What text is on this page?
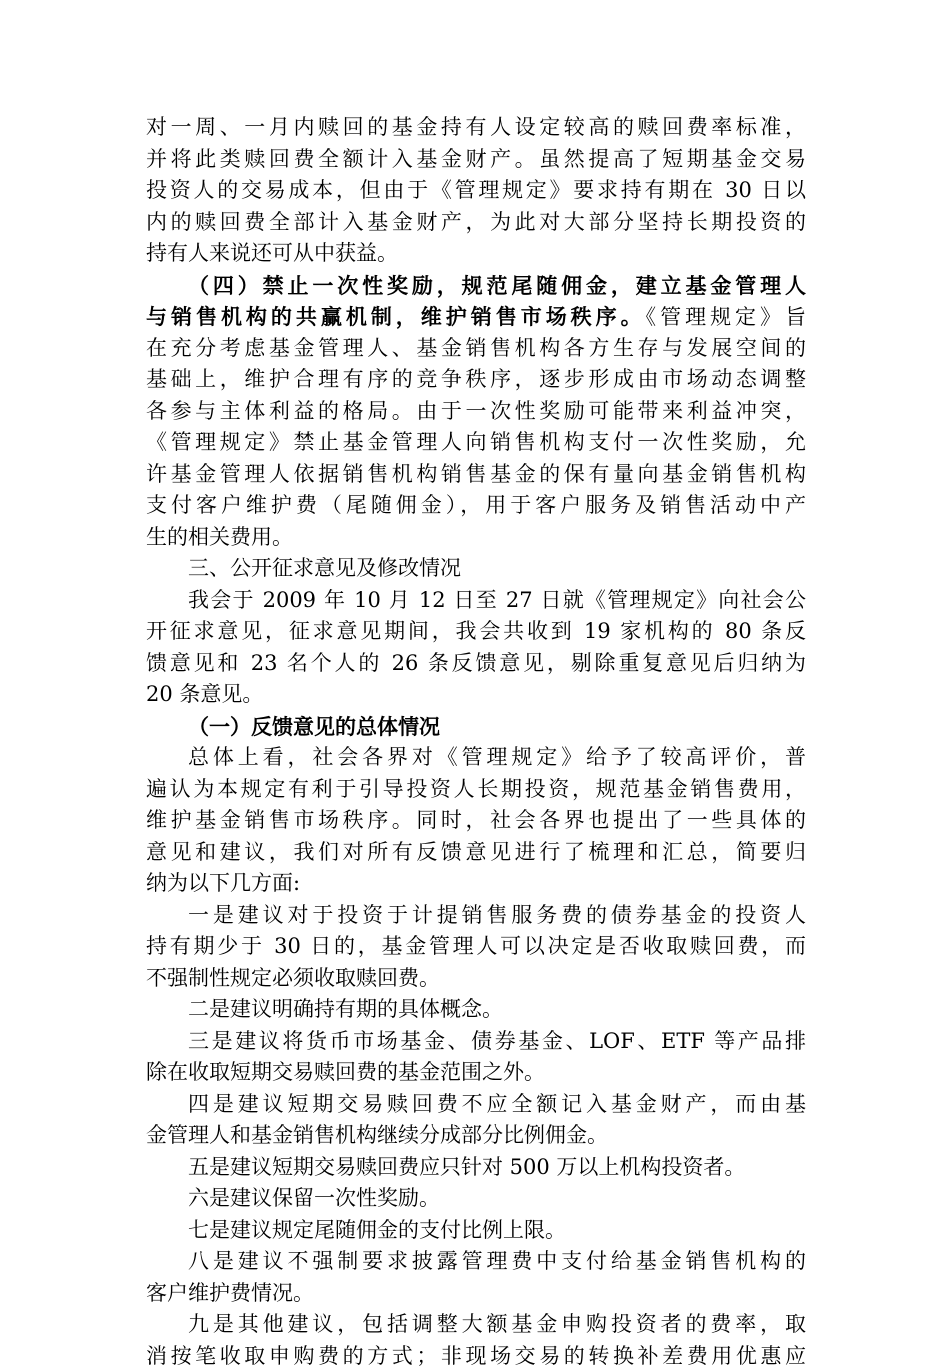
对一周、一月内赎回的基金持有人设定较高的赎回费率标准，
并将此类赎回费全额计入基金财产。虽然提高了短期基金交易
投资人的交易成本，但由于《管理规定》要求持有期在 30 日以
内的赎回费全部计入基金财产，为此对大部分坚持长期投资的
持有人来说还可从中获益。
（四）禁止一次性奖励，规范尾随佣金，建立基金管理人
与销售机构的共赢机制，维护销售市场秩序。《管理规定》旨
在充分考虑基金管理人、基金销售机构各方生存与发展空间的
基础上，维护合理有序的竞争秩序，逐步形成由市场动态调整
各参与主体利益的格局。由于一次性奖励可能带来利益冲突，
《管理规定》禁止基金管理人向销售机构支付一次性奖励，允
许基金管理人依据销售机构销售基金的保有量向基金销售机构
支付客户维护费（尾随佣金），用于客户服务及销售活动中产
生的相关费用。
三、公开征求意见及修改情况
我会于 2009 年 10 月 12 日至 27 日就《管理规定》向社会公
开征求意见，征求意见期间，我会共收到 19 家机构的 80 条反
馈意见和 23 名个人的 26 条反馈意见，剔除重复意见后归纳为
20 条意见。
（一）反馈意见的总体情况
总体上看，社会各界对《管理规定》给予了较高评价，普
遍认为本规定有利于引导投资人长期投资，规范基金销售费用，
维护基金销售市场秩序。同时，社会各界也提出了一些具体的
意见和建议，我们对所有反馈意见进行了梳理和汇总，简要归
纳为以下几方面:
一是建议对于投资于计提销售服务费的债券基金的投资人
持有期少于 30 日的，基金管理人可以决定是否收取赎回费，而
不强制性规定必须收取赎回费。
二是建议明确持有期的具体概念。
三是建议将货币市场基金、债券基金、LOF、ETF 等产品排
除在收取短期交易赎回费的基金范围之外。
四是建议短期交易赎回费不应全额记入基金财产，而由基
金管理人和基金销售机构继续分成部分比例佣金。
五是建议短期交易赎回费应只针对 500 万以上机构投资者。
六是建议保留一次性奖励。
七是建议规定尾随佣金的支付比例上限。
八是建议不强制要求披露管理费中支付给基金销售机构的
客户维护费情况。
九是其他建议，包括调整大额基金申购投资者的费率，取
消按笔收取申购费的方式；非现场交易的转换补差费用优惠应
